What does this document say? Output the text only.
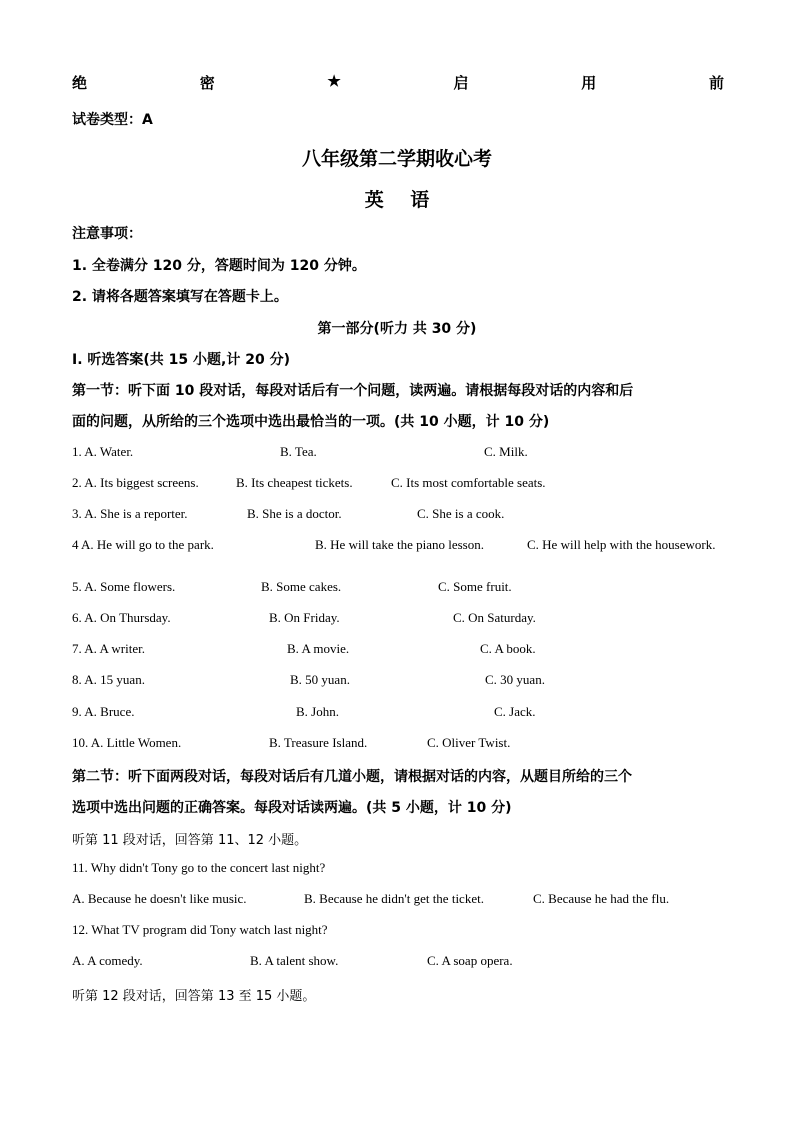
绝	密	★	启	用	前
试卷类型：A
八年级第二学期收心考
英    语
注意事项：
1. 全卷满分 120 分，答题时间为 120 分钟。
2. 请将各题答案填写在答题卡上。
第一部分(听力 共 30 分)
Ⅰ. 听选答案(共 15 小题,计 20 分)
第一节：听下面 10 段对话，每段对话后有一个问题，读两遍。请根据每段对话的内容和后
面的问题，从所给的三个选项中选出最恰当的一项。(共 10 小题，计 10 分)
1. A. Water.	B. Tea.	C. Milk.
2. A. Its biggest screens.	B. Its cheapest tickets.	C. Its most comfortable seats.
3. A. She is a reporter.	B. She is a doctor.	C. She is a cook.
4 A. He will go to the park.	B. He will take the piano lesson.	C. He will help with the housework.
5. A. Some flowers.	B. Some cakes.	C. Some fruit.
6. A. On Thursday.	B. On Friday.	C. On Saturday.
7. A. A writer.	B. A movie.	C. A book.
8. A. 15 yuan.	B. 50 yuan.	C. 30 yuan.
9. A. Bruce.	B. John.	C. Jack.
10. A. Little Women.	B. Treasure Island.	C. Oliver Twist.
第二节：听下面两段对话，每段对话后有几道小题，请根据对话的内容，从题目所给的三个
选项中选出问题的正确答案。每段对话读两遍。(共 5 小题，计 10 分)
听第 11 段对话，回答第 11、12 小题。
11. Why didn't Tony go to the concert last night?
A. Because he doesn't like music.	B. Because he didn't get the ticket.	C. Because he had the flu.
12. What TV program did Tony watch last night?
A. A comedy.	B. A talent show.	C. A soap opera.
听第 12 段对话，回答第 13 至 15 小题。
